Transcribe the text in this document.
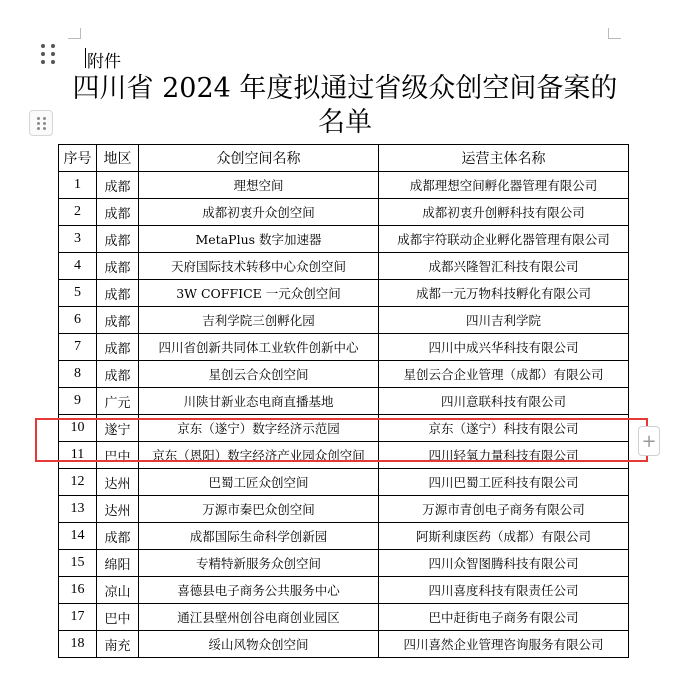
附件
四川省 2024 年度拟通过省级众创空间备案的名单
序号	地区	众创空间名称	运营主体名称
1	成都	理想空间	成都理想空间孵化器管理有限公司
2	成都	成都初衷升众创空间	成都初衷升创孵科技有限公司
3	成都	MetaPlus 数字加速器	成都宇符联动企业孵化器管理有限公司
4	成都	天府国际技术转移中心众创空间	成都兴隆智汇科技有限公司
5	成都	3W COFFICE 一元众创空间	成都一元万物科技孵化有限公司
6	成都	吉利学院三创孵化园	四川吉利学院
7	成都	四川省创新共同体工业软件创新中心	四川中成兴华科技有限公司
8	成都	星创云合众创空间	星创云合企业管理（成都）有限公司
9	广元	川陕甘新业态电商直播基地	四川意联科技有限公司
10	遂宁	京东（遂宁）数字经济示范园	京东（遂宁）科技有限公司
11	巴中	京东（恩阳）数字经济产业园众创空间	四川轻氧力量科技有限公司
12	达州	巴蜀工匠众创空间	四川巴蜀工匠科技有限公司
13	达州	万源市秦巴众创空间	万源市青创电子商务有限公司
14	成都	成都国际生命科学创新园	阿斯利康医药（成都）有限公司
15	绵阳	专精特新服务众创空间	四川众智图腾科技有限公司
16	凉山	喜德县电子商务公共服务中心	四川喜度科技有限责任公司
17	巴中	通江县壁州创谷电商创业园区	巴中赶街电子商务有限公司
18	南充	绥山风物众创空间	四川喜然企业管理咨询服务有限公司
+
